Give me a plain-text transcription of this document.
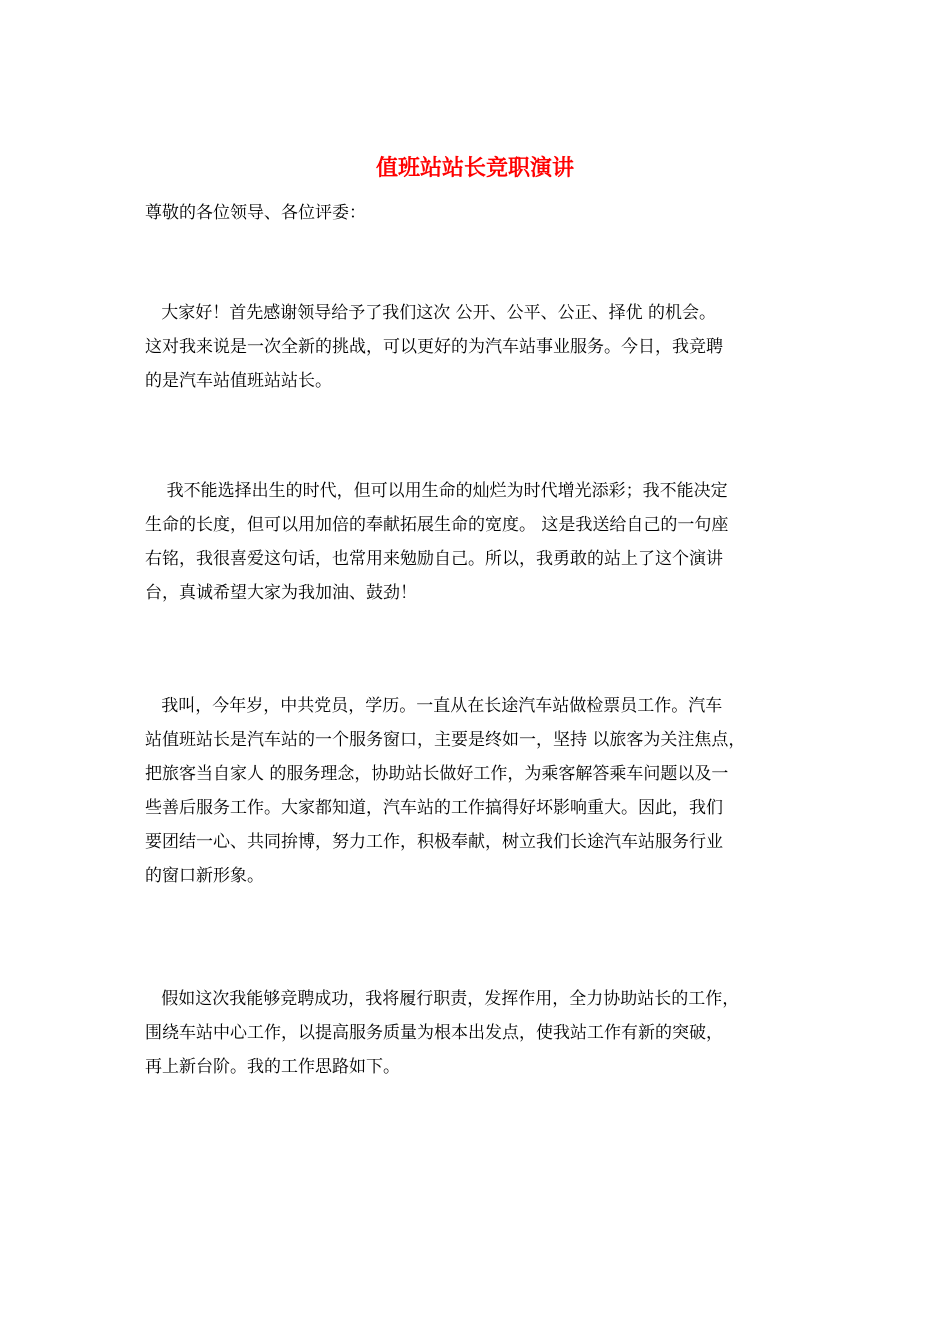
值班站站长竞职演讲
尊敬的各位领导、各位评委：
大家好！首先感谢领导给予了我们这次 公开、公平、公正、择优 的机会。
这对我来说是一次全新的挑战，可以更好的为汽车站事业服务。今日，我竞聘
的是汽车站值班站站长。
我不能选择出生的时代，但可以用生命的灿烂为时代增光添彩；我不能决定
生命的长度，但可以用加倍的奉献拓展生命的宽度。 这是我送给自己的一句座
右铭，我很喜爱这句话，也常用来勉励自己。所以，我勇敢的站上了这个演讲
台，真诚希望大家为我加油、鼓劲！
我叫，今年岁，中共党员，学历。一直从在长途汽车站做检票员工作。汽车
站值班站长是汽车站的一个服务窗口，主要是终如一，坚持 以旅客为关注焦点，
把旅客当自家人 的服务理念，协助站长做好工作，为乘客解答乘车问题以及一
些善后服务工作。大家都知道，汽车站的工作搞得好坏影响重大。因此，我们
要团结一心、共同拚博，努力工作，积极奉献，树立我们长途汽车站服务行业
的窗口新形象。
假如这次我能够竞聘成功，我将履行职责，发挥作用，全力协助站长的工作，
围绕车站中心工作，以提高服务质量为根本出发点，使我站工作有新的突破，
再上新台阶。我的工作思路如下。
